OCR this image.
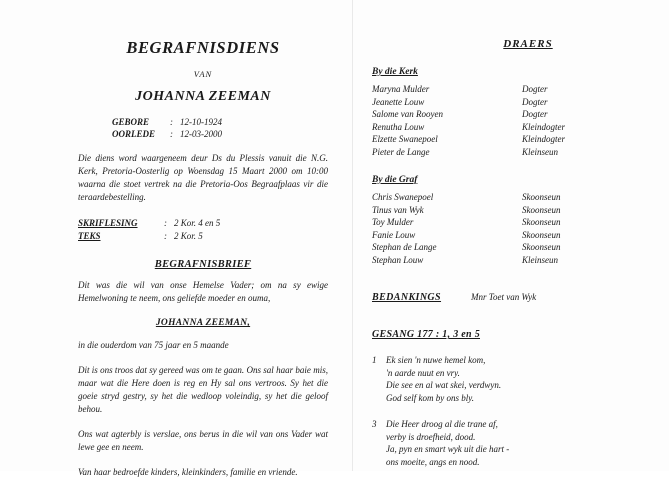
BEGRAFNISDIENS
VAN
JOHANNA ZEEMAN
GEBORE : 12-10-1924
OORLEDE : 12-03-2000
Die diens word waargeneem deur Ds du Plessis vanuit die N.G. Kerk, Pretoria-Oosterlig op Woensdag 15 Maart 2000 om 10:00 waarna die stoet vertrek na die Pretoria-Oos Begraafplaas vir die teraardebestelling.
SKRIFLESING	: 2 Kor. 4 en 5
TEKS	: 2 Kor. 5
BEGRAFNISBRIEF
Dit was die wil van onse Hemelse Vader; om na sy ewige Hemelwoning te neem, ons geliefde moeder en ouma,
JOHANNA ZEEMAN,
in die ouderdom van 75 jaar en 5 maande
Dit is ons troos dat sy gereed was om te gaan. Ons sal haar baie mis, maar wat die Here doen is reg en Hy sal ons vertroos. Sy het die goeie stryd gestry, sy het die wedloop voleindig, sy het die geloof behou.
Ons wat agterbly is verslae, ons berus in die wil van ons Vader wat lewe gee en neem.
Van haar bedroefde kinders, kleinkinders, familie en vriende.
DRAERS
By die Kerk
Maryna Mulder	Dogter
Jeanette Louw	Dogter
Salome van Rooyen	Dogter
Renutha Louw	Kleindogter
Elzette Swanepoel	Kleindogter
Pieter de Lange	Kleinseun
By die Graf
Chris Swanepoel	Skoonseun
Tinus van Wyk	Skoonseun
Toy Mulder	Skoonseun
Fanie Louw	Skoonseun
Stephan de Lange	Skoonseun
Stephan Louw	Kleinseun
BEDANKINGS	Mnr Toet van Wyk
GESANG 177 : 1, 3 en 5
1	Ek sien 'n nuwe hemel kom,
'n aarde nuut en vry.
Die see en al wat skei, verdwyn.
God self kom by ons bly.
3	Die Heer droog al die trane af,
verby is droefheid, dood.
Ja, pyn en smart wyk uit die hart -
ons moeite, angs en nood.
